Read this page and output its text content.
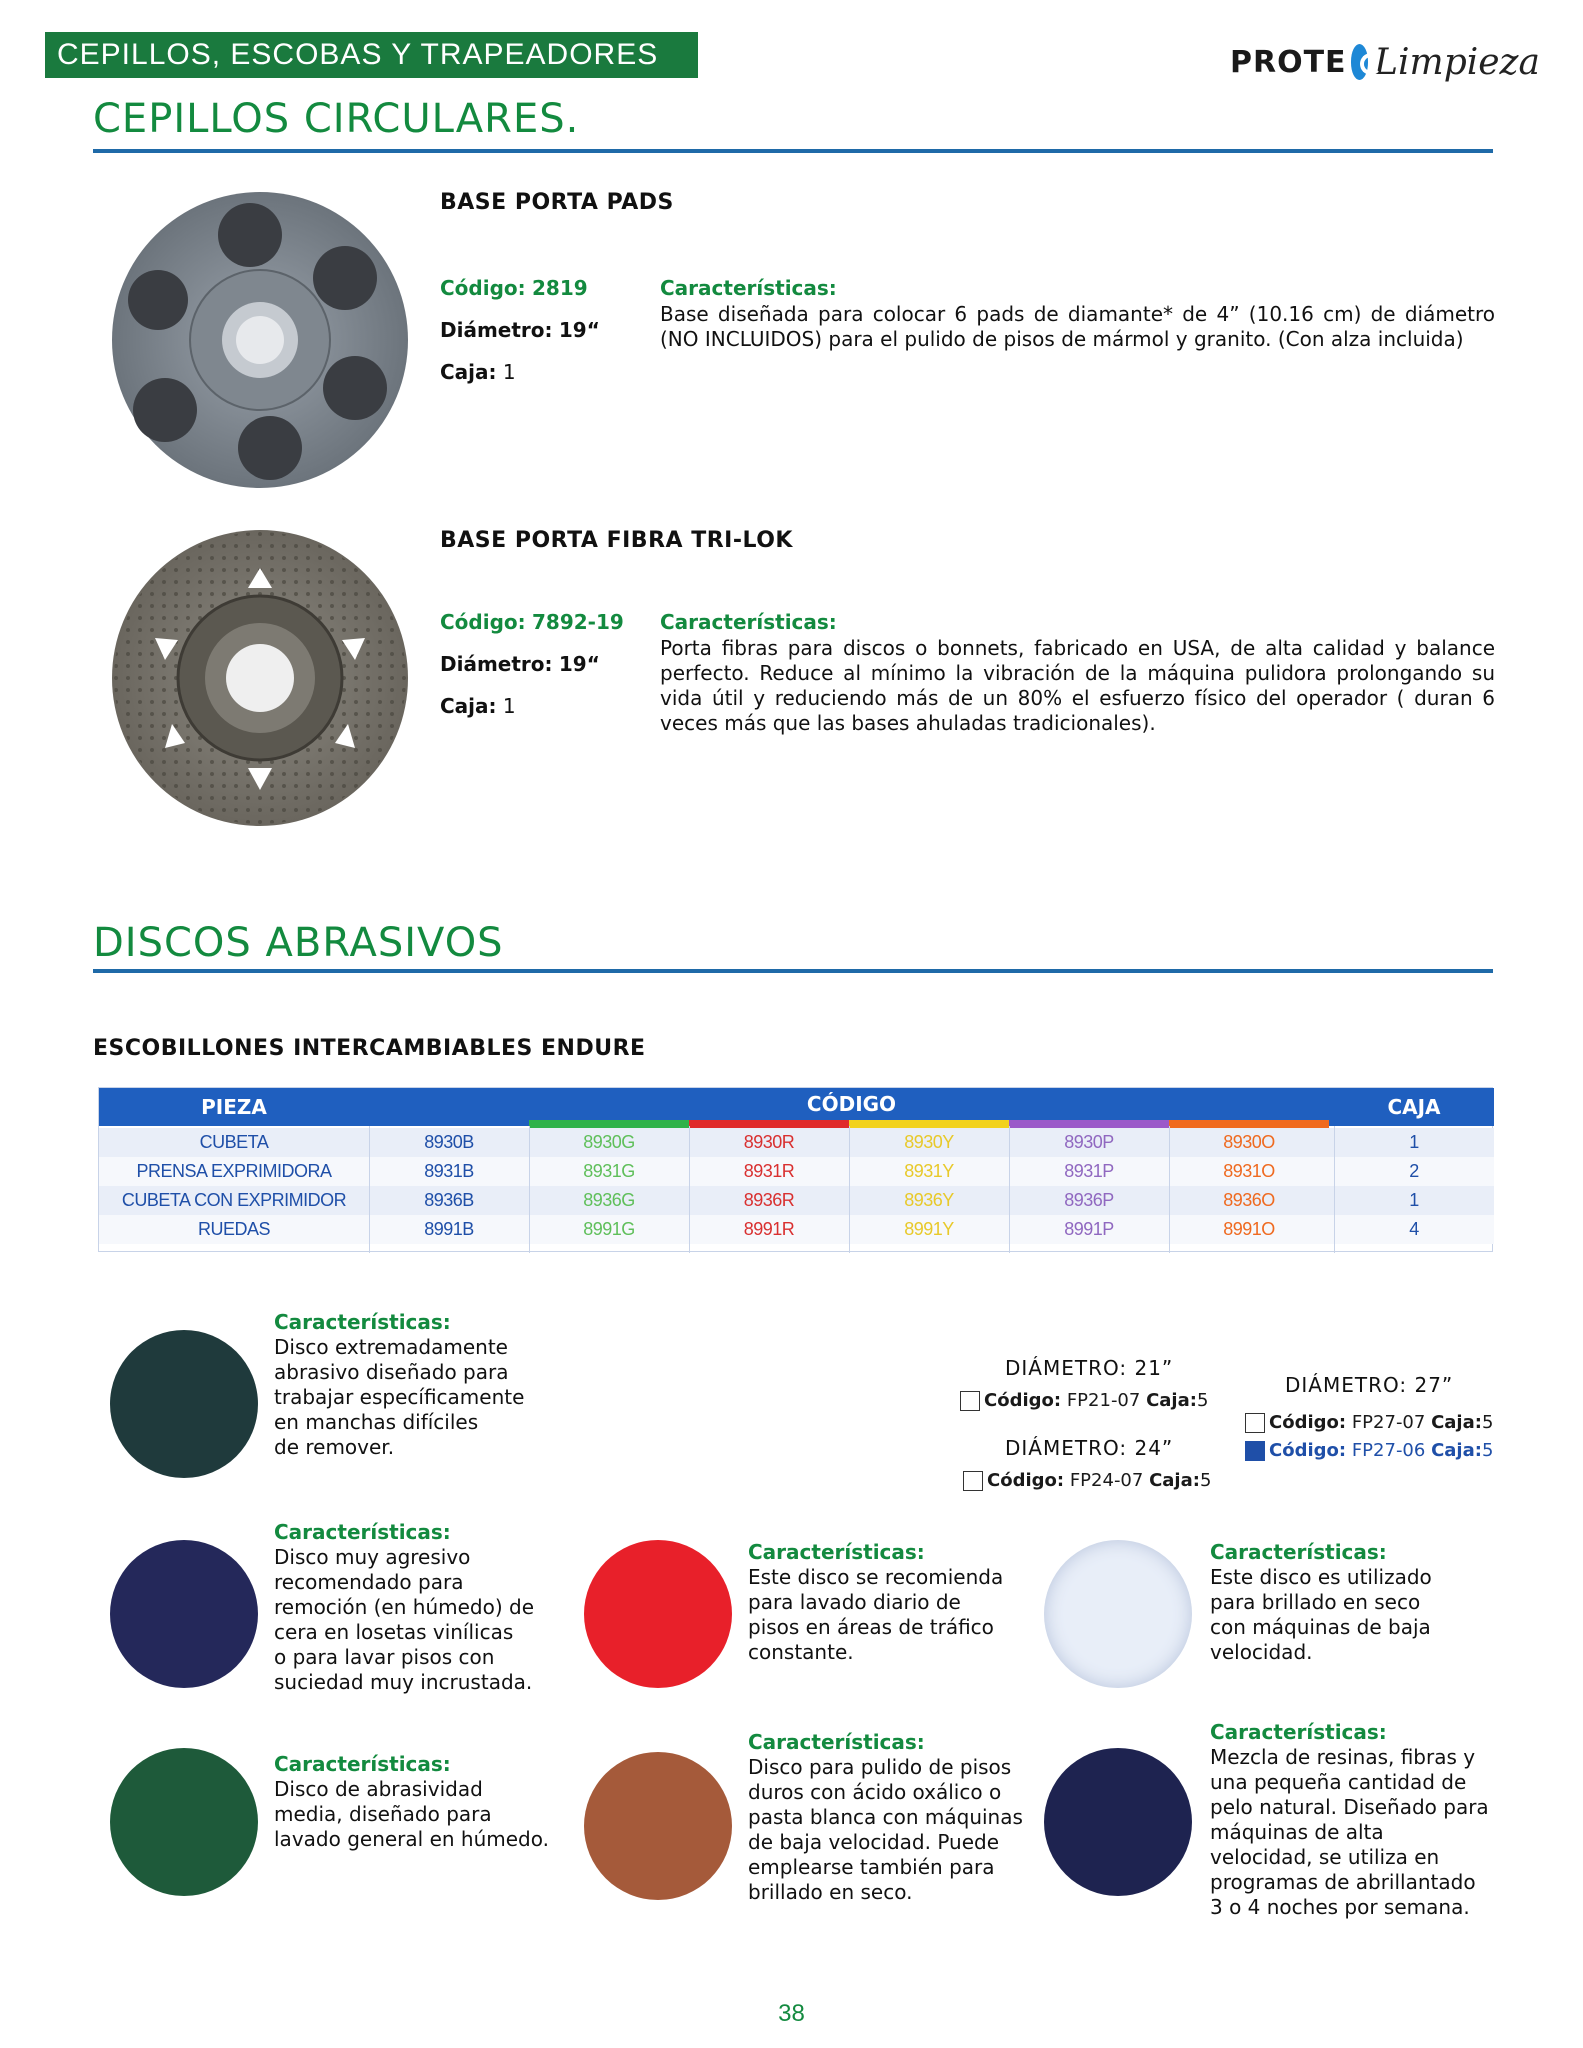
CEPILLOS, ESCOBAS Y TRAPEADORES	PROTE Limpieza
CEPILLOS CIRCULARES.
BASE PORTA PADS
Código: 2819
Diámetro: 19“
Caja: 1
Características:
Base diseñada para colocar 6 pads de diamante* de 4” (10.16 cm) de diámetro (NO INCLUIDOS) para el pulido de pisos de mármol y granito. (Con alza incluida)
BASE PORTA FIBRA TRI-LOK
Código: 7892-19
Diámetro: 19“
Caja: 1
Características:
Porta fibras para discos o bonnets, fabricado en USA, de alta calidad y balance perfecto. Reduce al mínimo la vibración de la máquina pulidora prolongando su vida útil y reduciendo más de un 80% el esfuerzo físico del operador ( duran 6 veces más que las bases ahuladas tradicionales).
DISCOS ABRASIVOS
ESCOBILLONES INTERCAMBIABLES ENDURE
PIEZA	CÓDIGO	CAJA
CUBETA	8930B	8930G	8930R	8930Y	8930P	8930O	1
PRENSA EXPRIMIDORA	8931B	8931G	8931R	8931Y	8931P	8931O	2
CUBETA CON EXPRIMIDOR	8936B	8936G	8936R	8936Y	8936P	8936O	1
RUEDAS	8991B	8991G	8991R	8991Y	8991P	8991O	4
Características:
Disco extremadamente
abrasivo diseñado para
trabajar específicamente
en manchas difíciles
de remover.
DIÁMETRO: 21”
Código:
FP21-07
Caja: 5
DIÁMETRO: 24”
Código:
FP24-07
Caja: 5
DIÁMETRO: 27”
Código:
FP27-07
Caja: 5
Código:
FP27-06
Caja: 5
Características:
Disco muy agresivo
recomendado para
remoción (en húmedo) de
cera en losetas vinílicas
o para lavar pisos con
suciedad muy incrustada.
Características:
Este disco se recomienda
para lavado diario de
pisos en áreas de tráfico
constante.
Características:
Este disco es utilizado
para brillado en seco
con máquinas de baja
velocidad.
Características:
Disco de abrasividad
media, diseñado para
lavado general en húmedo.
Características:
Disco para pulido de pisos
duros con ácido oxálico o
pasta blanca con máquinas
de baja velocidad. Puede
emplearse también para
brillado en seco.
Características:
Mezcla de resinas, fibras y
una pequeña cantidad de
pelo natural. Diseñado para
máquinas de alta
velocidad, se utiliza en
programas de abrillantado
3 o 4 noches por semana.
38
